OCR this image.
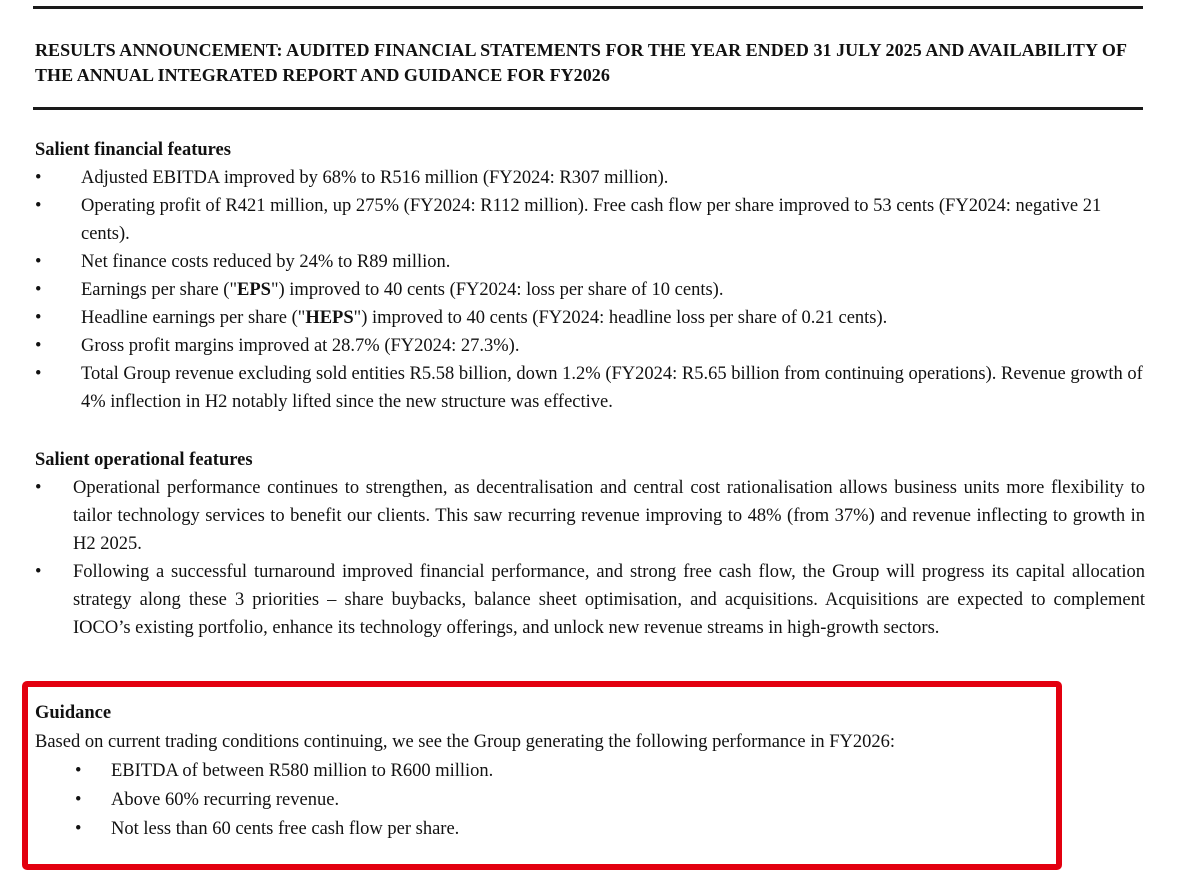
RESULTS ANNOUNCEMENT: AUDITED FINANCIAL STATEMENTS FOR THE YEAR ENDED 31 JULY 2025 AND AVAILABILITY OF THE ANNUAL INTEGRATED REPORT AND GUIDANCE FOR FY2026

Salient financial features

• Adjusted EBITDA improved by 68% to R516 million (FY2024: R307 million).
• Operating profit of R421 million, up 275% (FY2024: R112 million). Free cash flow per share improved to 53 cents (FY2024: negative 21 cents).
• Net finance costs reduced by 24% to R89 million.
• Earnings per share ("EPS") improved to 40 cents (FY2024: loss per share of 10 cents).
• Headline earnings per share ("HEPS") improved to 40 cents (FY2024: headline loss per share of 0.21 cents).
• Gross profit margins improved at 28.7% (FY2024: 27.3%).
• Total Group revenue excluding sold entities R5.58 billion, down 1.2% (FY2024: R5.65 billion from continuing operations). Revenue growth of 4% inflection in H2 notably lifted since the new structure was effective.

Salient operational features

• Operational performance continues to strengthen, as decentralisation and central cost rationalisation allows business units more flexibility to tailor technology services to benefit our clients. This saw recurring revenue improving to 48% (from 37%) and revenue inflecting to growth in H2 2025.
• Following a successful turnaround improved financial performance, and strong free cash flow, the Group will progress its capital allocation strategy along these 3 priorities – share buybacks, balance sheet optimisation, and acquisitions. Acquisitions are expected to complement IOCO’s existing portfolio, enhance its technology offerings, and unlock new revenue streams in high-growth sectors.

Guidance

Based on current trading conditions continuing, we see the Group generating the following performance in FY2026:

• EBITDA of between R580 million to R600 million.
• Above 60% recurring revenue.
• Not less than 60 cents free cash flow per share.
